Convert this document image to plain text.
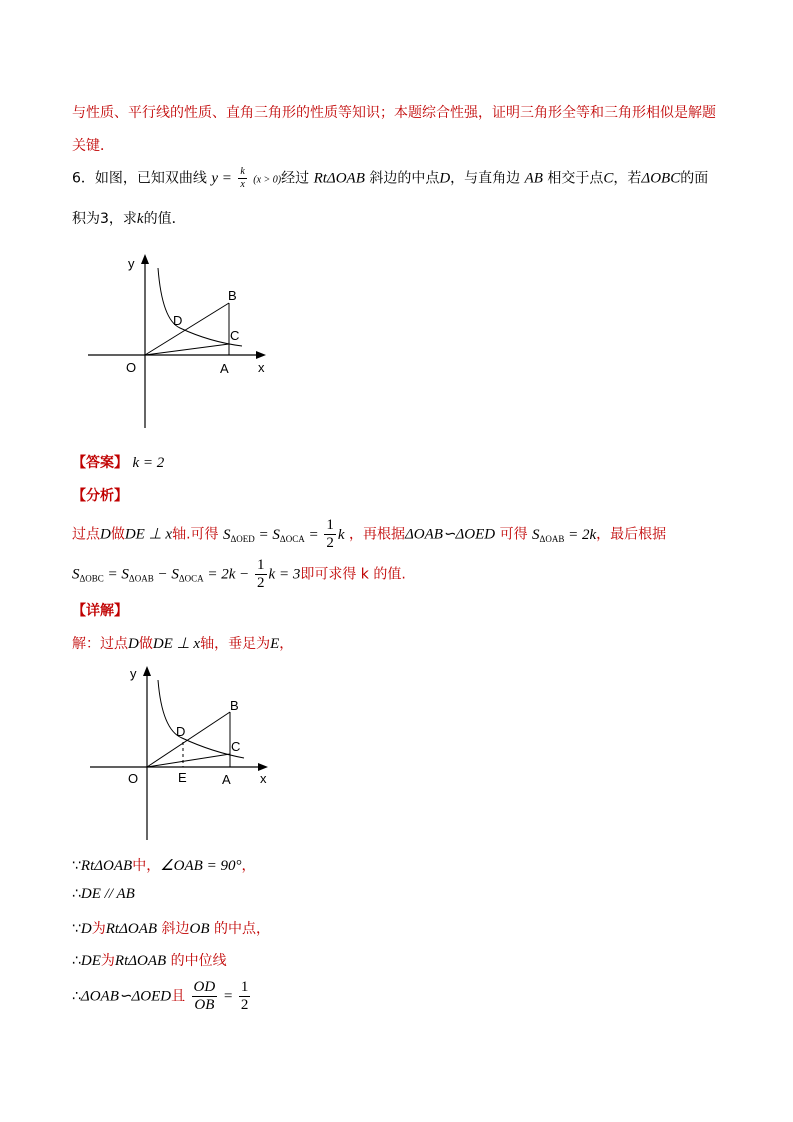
与性质、平行线的性质、直角三角形的性质等知识；本题综合性强，证明三角形全等和三角形相似是解题
关键．
6．如图，已知双曲线 $y = \frac{k}{x} (x > 0)$经过 RtΔOAB 斜边的中点D，与直角边 AB 相交于点C，若ΔOBC的面
积为3，求k的值．
y
x
O	A
B
C
D
【答案】 k = 2
【分析】
过点D做DE ⊥ x轴.可得 $S_{\Delta OED} = S_{\Delta OCA} = \frac{1}{2}$ k ，再根据ΔOAB∽ΔOED 可得 $S_{\Delta OAB} = 2k$，最后根据
$S_{\Delta OBC} = S_{\Delta OAB} - S_{\Delta OCA} = 2k - \frac{1}{2}$ k = 3即可求得 k 的值.
【详解】
解：过点D做DE ⊥ x轴，垂足为E，
y
x
O	E	A
B
C
D
∵RtΔOAB中，∠OAB = 90°，
∴DE // AB
∵D为RtΔOAB 斜边OB 的中点，
∴DE为RtΔOAB 的中位线
∴ΔOAB∽ΔOED且 $\frac{OD}{OB} = \frac{1}{2}$
